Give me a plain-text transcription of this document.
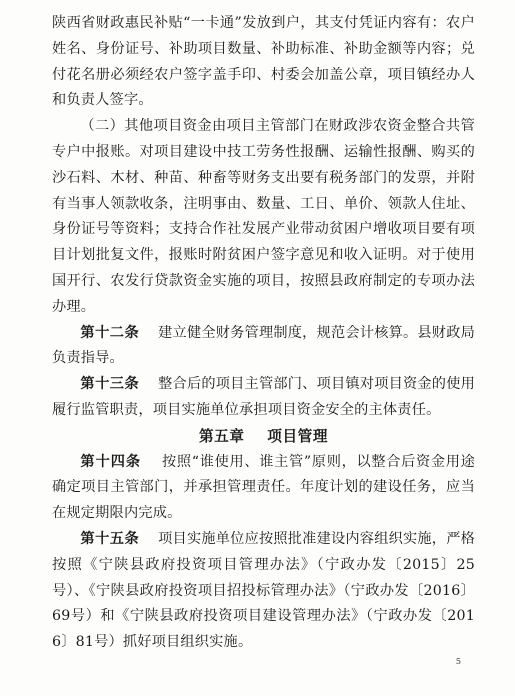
陕西省财政惠民补贴“一卡通”发放到户，其支付凭证内容有：农户姓名、身份证号、补助项目数量、补助标准、补助金额等内容；兑付花名册必须经农户签字盖手印、村委会加盖公章，项目镇经办人和负责人签字。

（二）其他项目资金由项目主管部门在财政涉农资金整合共管专户中报账。对项目建设中技工劳务性报酬、运输性报酬、购买的沙石料、木材、种苗、种畜等财务支出要有税务部门的发票，并附有当事人领款收条，注明事由、数量、工日、单价、领款人住址、身份证号等资料；支持合作社发展产业带动贫困户增收项目要有项目计划批复文件，报账时附贫困户签字意见和收入证明。对于使用国开行、农发行贷款资金实施的项目，按照县政府制定的专项办法办理。

第十二条 建立健全财务管理制度，规范会计核算。县财政局负责指导。

第十三条 整合后的项目主管部门、项目镇对项目资金的使用履行监管职责，项目实施单位承担项目资金安全的主体责任。

第五章 项目管理

第十四条 按照“谁使用、谁主管”原则，以整合后资金用途确定项目主管部门，并承担管理责任。年度计划的建设任务，应当在规定期限内完成。

第十五条 项目实施单位应按照批准建设内容组织实施，严格按照《宁陕县政府投资项目管理办法》（宁政办发〔2015〕25号）、《宁陕县政府投资项目招投标管理办法》（宁政办发〔2016〕69号）和《宁陕县政府投资项目建设管理办法》（宁政办发〔2016〕81号）抓好项目组织实施。

5
